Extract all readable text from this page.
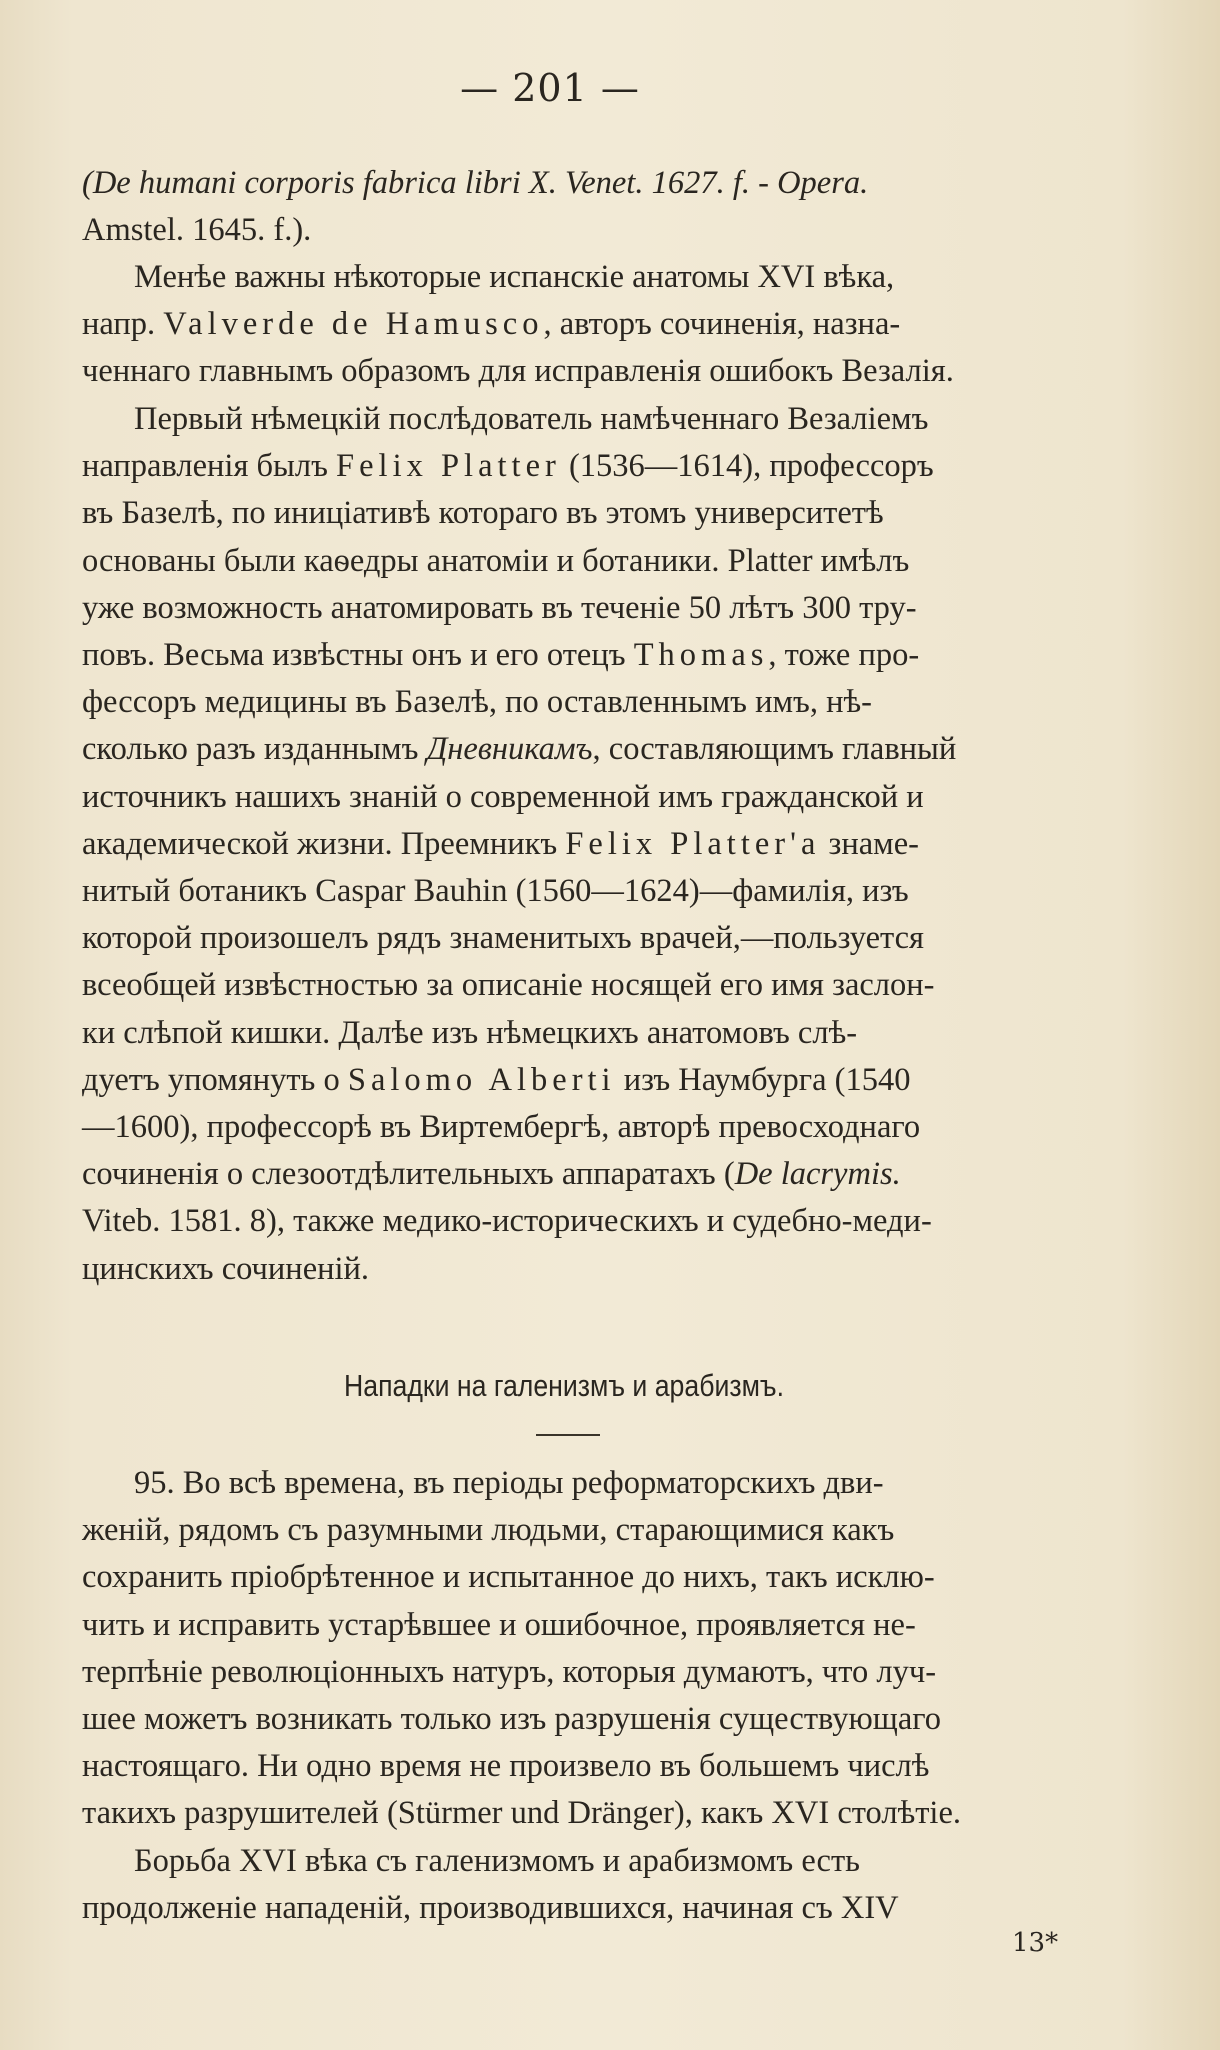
— 201 —

(De humani corporis fabrica libri X. Venet. 1627. f. - Opera.

Amstel. 1645. f.).

Менѣе важны нѣкоторые испанскіе анатомы XVI вѣка,

напр. Valverde de Hamusco, авторъ сочиненія, назна-

ченнаго главнымъ образомъ для исправленія ошибокъ Везалія.

Первый нѣмецкій послѣдователь намѣченнаго Везаліемъ

направленія былъ Felix Platter (1536—1614), профессоръ

въ Базелѣ, по иниціативѣ котораго въ этомъ университетѣ

основаны были каѳедры анатоміи и ботаники. Platter имѣлъ

уже возможность анатомировать въ теченіе 50 лѣтъ 300 тру-

повъ. Весьма извѣстны онъ и его отецъ Thomas, тоже про-

фессоръ медицины въ Базелѣ, по оставленнымъ имъ, нѣ-

сколько разъ изданнымъ Дневникамъ, составляющимъ главный

источникъ нашихъ знаній о современной имъ гражданской и

академической жизни. Преемникъ Felix Platter'a знаме-

нитый ботаникъ Caspar Bauhin (1560—1624)—фамилія, изъ

которой произошелъ рядъ знаменитыхъ врачей,—пользуется

всеобщей извѣстностью за описаніе носящей его имя заслон-

ки слѣпой кишки. Далѣе изъ нѣмецкихъ анатомовъ слѣ-

дуетъ упомянуть о Salomo Alberti изъ Наумбурга (1540

—1600), профессорѣ въ Виртембергѣ, авторѣ превосходнаго

сочиненія о слезоотдѣлительныхъ аппаратахъ (De lacrymis.

Viteb. 1581. 8), также медико-историческихъ и судебно-меди-

цинскихъ сочиненій.

Нападки на галенизмъ и арабизмъ.

95. Во всѣ времена, въ періоды реформаторскихъ дви-

женій, рядомъ съ разумными людьми, старающимися какъ

сохранить пріобрѣтенное и испытанное до нихъ, такъ исклю-

чить и исправить устарѣвшее и ошибочное, проявляется не-

терпѣніе революціонныхъ натуръ, которыя думаютъ, что луч-

шее можетъ возникать только изъ разрушенія существующаго

настоящаго. Ни одно время не произвело въ большемъ числѣ

такихъ разрушителей (Stürmer und Dränger), какъ XVI столѣтіе.

Борьба XVI вѣка съ галенизмомъ и арабизмомъ есть

продолженіе нападеній, производившихся, начиная съ XIV

13*
